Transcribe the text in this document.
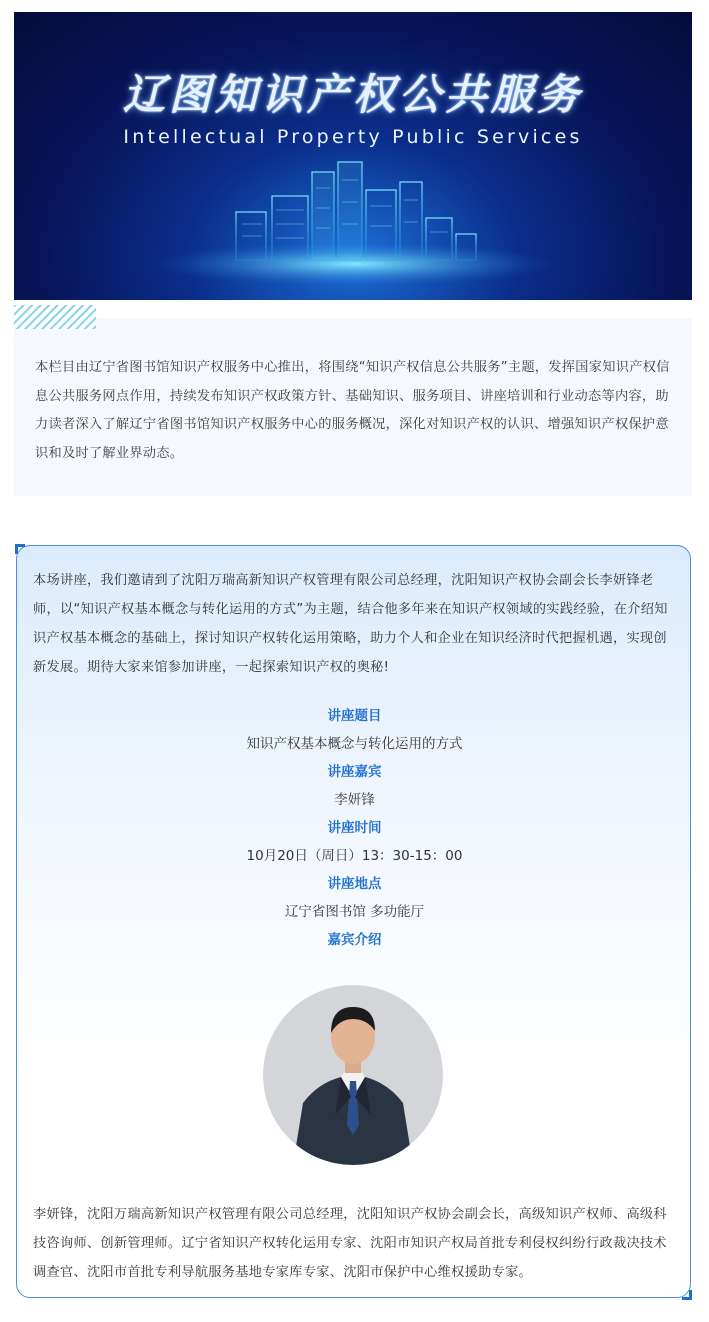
辽图知识产权公共服务
Intellectual Property Public Services

本栏目由辽宁省图书馆知识产权服务中心推出，将围绕“知识产权信息公共服务”主题，发挥国家知识产权信息公共服务网点作用，持续发布知识产权政策方针、基础知识、服务项目、讲座培训和行业动态等内容，助力读者深入了解辽宁省图书馆知识产权服务中心的服务概况，深化对知识产权的认识、增强知识产权保护意识和及时了解业界动态。

本场讲座，我们邀请到了沈阳万瑞高新知识产权管理有限公司总经理，沈阳知识产权协会副会长李妍锋老师，以“知识产权基本概念与转化运用的方式”为主题，结合他多年来在知识产权领域的实践经验，在介绍知识产权基本概念的基础上，探讨知识产权转化运用策略，助力个人和企业在知识经济时代把握机遇，实现创新发展。期待大家来馆参加讲座，一起探索知识产权的奥秘!

讲座题目
知识产权基本概念与转化运用的方式
讲座嘉宾
李妍锋
讲座时间
10月20日（周日）13：30-15：00
讲座地点
辽宁省图书馆 多功能厅
嘉宾介绍

李妍锋，沈阳万瑞高新知识产权管理有限公司总经理，沈阳知识产权协会副会长，高级知识产权师、高级科技咨询师、创新管理师。辽宁省知识产权转化运用专家、沈阳市知识产权局首批专利侵权纠纷行政裁决技术调查官、沈阳市首批专利导航服务基地专家库专家、沈阳市保护中心维权援助专家。
